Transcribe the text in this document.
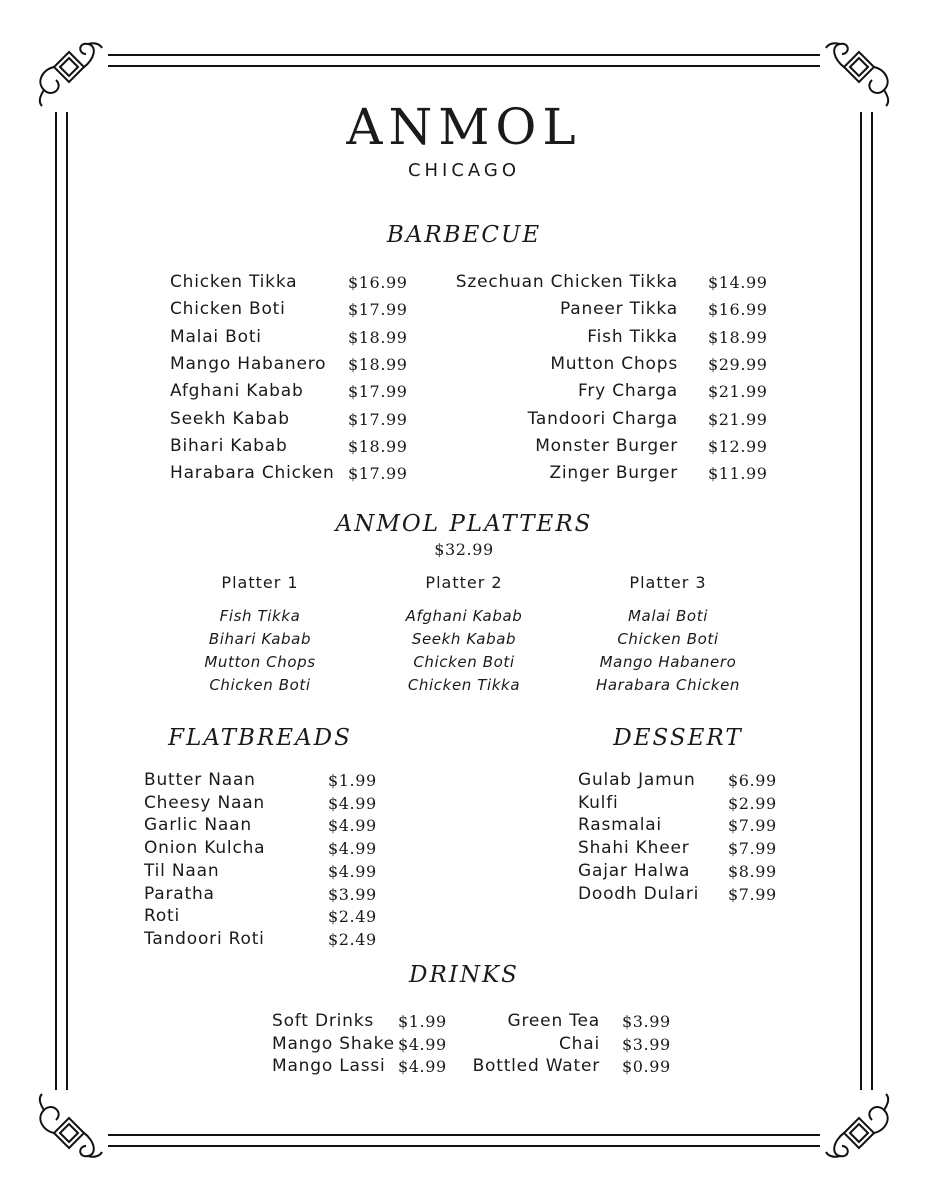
ANMOL
CHICAGO
BARBECUE
ANMOL PLATTERS
$32.99
FLATBREADS	DESSERT
DRINKS
Chicken Tikka	$16.99
Chicken Boti	$17.99
Malai Boti	$18.99
Mango Habanero $18.99
Afghani Kabab	$17.99
Seekh Kabab	$17.99
Bihari Kabab	$18.99
Harabara Chicken $17.99
Szechuan Chicken Tikka $14.99
Paneer Tikka $16.99
Fish Tikka $18.99
Mutton Chops $29.99
Fry Charga $21.99
Tandoori Charga $21.99
Monster Burger $12.99
Zinger Burger $11.99
Butter Naan	$1.99
Cheesy Naan	$4.99
Garlic Naan	$4.99
Onion Kulcha	$4.99
Til Naan	$4.99
Paratha	$3.99
Roti	$2.49
Tandoori Roti	$2.49
Gulab Jamun $6.99
Kulfi	$2.99
Rasmalai	$7.99
Shahi Kheer $7.99
Gajar Halwa $8.99
Doodh Dulari $7.99
Soft Drinks $1.99
Mango Shake $4.99
Mango Lassi $4.99
Green Tea $3.99
Chai $3.99
Bottled Water $0.99
Platter 1
Fish Tikka
Bihari Kabab
Mutton Chops
Chicken Boti
Platter 2
Afghani Kabab
Seekh Kabab
Chicken Boti
Chicken Tikka
Platter 3
Malai Boti
Chicken Boti
Mango Habanero
Harabara Chicken
